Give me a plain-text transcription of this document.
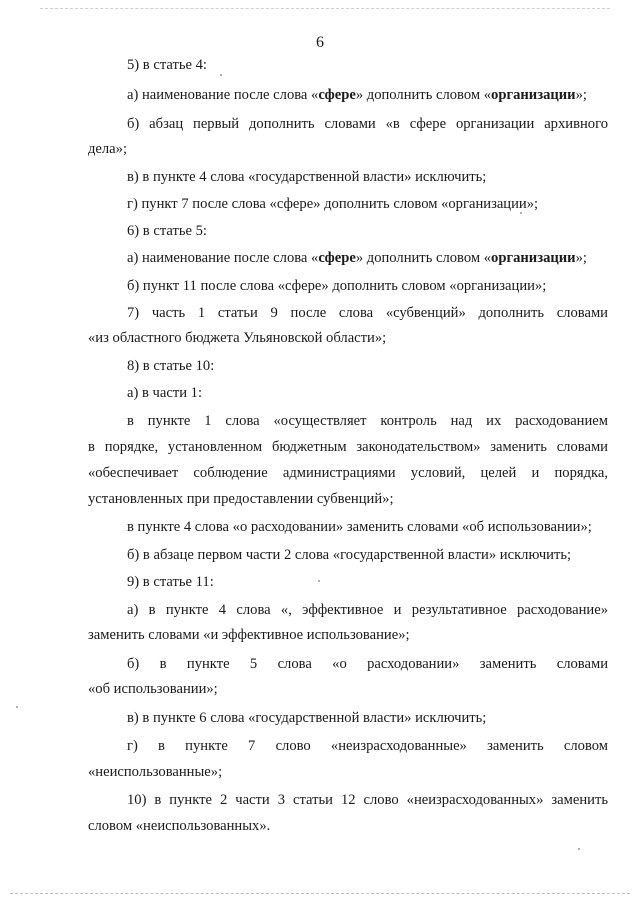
6
5) в статье 4:
а) наименование после слова «сфере» дополнить словом «организации»;
б) абзац первый дополнить словами «в сфере организации архивного
дела»;
в) в пункте 4 слова «государственной власти» исключить;
г) пункт 7 после слова «сфере» дополнить словом «организации»;
6) в статье 5:
а) наименование после слова «сфере» дополнить словом «организации»;
б) пункт 11 после слова «сфере» дополнить словом «организации»;
7) часть 1 статьи 9 после слова «субвенций» дополнить словами
«из областного бюджета Ульяновской области»;
8) в статье 10:
а) в части 1:
в пункте 1 слова «осуществляет контроль над их расходованием
в порядке, установленном бюджетным законодательством» заменить словами
«обеспечивает соблюдение администрациями условий, целей и порядка,
установленных при предоставлении субвенций»;
в пункте 4 слова «о расходовании» заменить словами «об использовании»;
б) в абзаце первом части 2 слова «государственной власти» исключить;
9) в статье 11:
а) в пункте 4 слова «, эффективное и результативное расходование»
заменить словами «и эффективное использование»;
б) в пункте 5 слова «о расходовании» заменить словами
«об использовании»;
в) в пункте 6 слова «государственной власти» исключить;
г) в пункте 7 слово «неизрасходованные» заменить словом
«неиспользованные»;
10) в пункте 2 части 3 статьи 12 слово «неизрасходованных» заменить
словом «неиспользованных».
